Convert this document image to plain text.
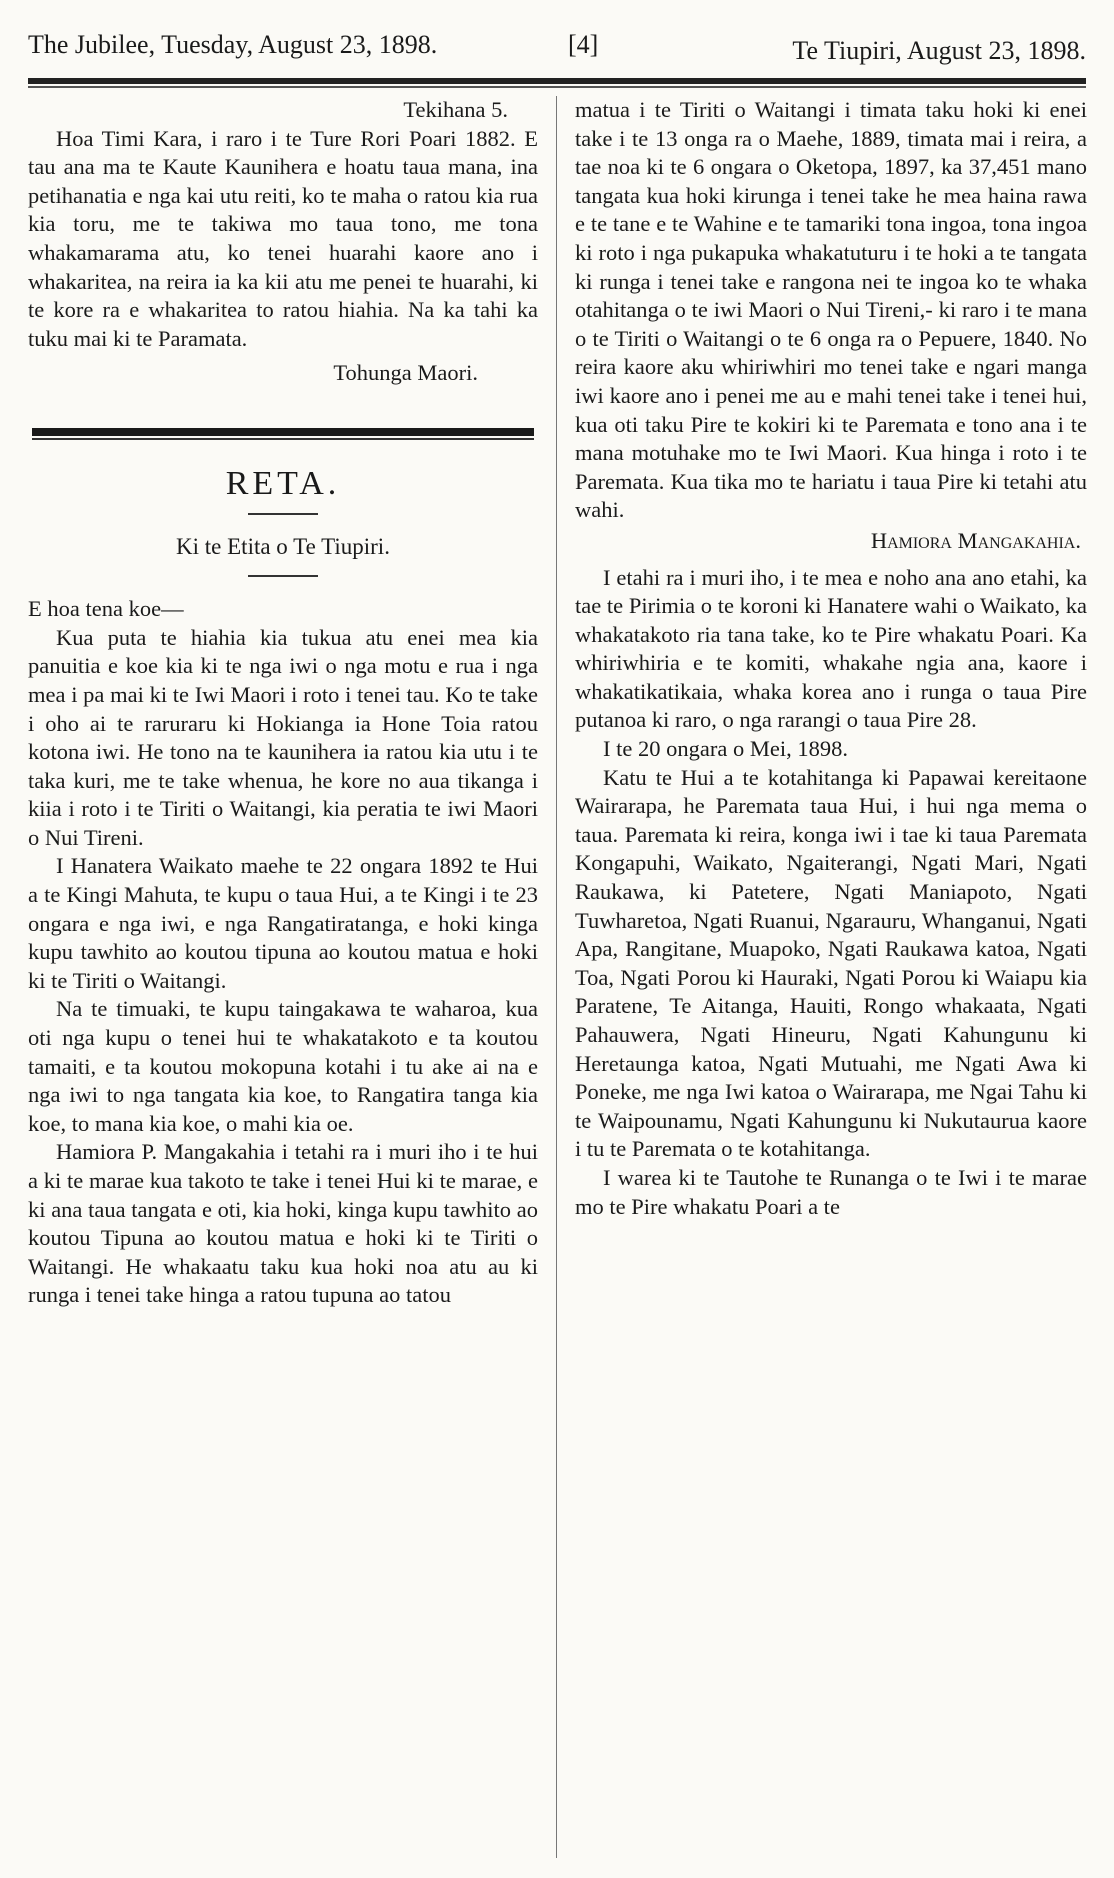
The Jubilee, Tuesday, August 23, 1898.	[4]	Te Tiupiri, August 23, 1898.

Tekihana 5.

Hoa Timi Kara, i raro i te Ture Rori Poari 1882. E tau ana ma te Kaute Kaunihera e hoatu taua mana, ina petihanatia e nga kai utu reiti, ko te maha o ratou kia rua kia toru, me te takiwa mo taua tono, me tona whakamarama atu, ko tenei huarahi kaore ano i whakaritea, na reira ia ka kii atu me penei te huarahi, ki te kore ra e whakaritea to ratou hiahia. Na ka tahi ka tuku mai ki te Paramata.

Tohunga Maori.

RETA.
Ki te Etita o Te Tiupiri.

E hoa tena koe—

Kua puta te hiahia kia tukua atu enei mea kia panuitia e koe kia ki te nga iwi o nga motu e rua i nga mea i pa mai ki te Iwi Maori i roto i tenei tau. Ko te take i oho ai te raruraru ki Hokianga ia Hone Toia ratou kotona iwi. He tono na te kaunihera ia ratou kia utu i te taka kuri, me te take whenua, he kore no aua tikanga i kiia i roto i te Tiriti o Waitangi, kia peratia te iwi Maori o Nui Tireni.

I Hanatera Waikato maehe te 22 ongara 1892 te Hui a te Kingi Mahuta, te kupu o taua Hui, a te Kingi i te 23 ongara e nga iwi, e nga Rangatiratanga, e hoki kinga kupu tawhito ao koutou tipuna ao koutou matua e hoki ki te Tiriti o Waitangi.

Na te timuaki, te kupu taingakawa te waharoa, kua oti nga kupu o tenei hui te whakatakoto e ta koutou tamaiti, e ta koutou mokopuna kotahi i tu ake ai na e nga iwi to nga tangata kia koe, to Rangatira tanga kia koe, to mana kia koe, o mahi kia oe.

Hamiora P. Mangakahia i tetahi ra i muri iho i te hui a ki te marae kua takoto te take i tenei Hui ki te marae, e ki ana taua tangata e oti, kia hoki, kinga kupu tawhito ao koutou Tipuna ao koutou matua e hoki ki te Tiriti o Waitangi. He whakaatu taku kua hoki noa atu au ki runga i tenei take hinga a ratou tupuna ao tatou

matua i te Tiriti o Waitangi i timata taku hoki ki enei take i te 13 onga ra o Maehe, 1889, timata mai i reira, a tae noa ki te 6 ongara o Oketopa, 1897, ka 37,451 mano tangata kua hoki kirunga i tenei take he mea haina rawa e te tane e te Wahine e te tamariki tona ingoa, tona ingoa ki roto i nga pukapuka whakatuturu i te hoki a te tangata ki runga i tenei take e rangona nei te ingoa ko te whaka otahitanga o te iwi Maori o Nui Tireni,- ki raro i te mana o te Tiriti o Waitangi o te 6 onga ra o Pepuere, 1840. No reira kaore aku whiriwhiri mo tenei take e ngari manga iwi kaore ano i penei me au e mahi tenei take i tenei hui, kua oti taku Pire te kokiri ki te Paremata e tono ana i te mana motuhake mo te Iwi Maori. Kua hinga i roto i te Paremata. Kua tika mo te hariatu i taua Pire ki tetahi atu wahi.

Hamiora Mangakahia.

I etahi ra i muri iho, i te mea e noho ana ano etahi, ka tae te Pirimia o te koroni ki Hanatere wahi o Waikato, ka whakatakoto ria tana take, ko te Pire whakatu Poari. Ka whiriwhiria e te komiti, whakahe ngia ana, kaore i whakatikatikaia, whaka korea ano i runga o taua Pire putanoa ki raro, o nga rarangi o taua Pire 28.

I te 20 ongara o Mei, 1898.

Katu te Hui a te kotahitanga ki Papawai kereitaone Wairarapa, he Paremata taua Hui, i hui nga mema o taua. Paremata ki reira, konga iwi i tae ki taua Paremata Kongapuhi, Waikato, Ngaiterangi, Ngati Mari, Ngati Raukawa, ki Patetere, Ngati Maniapoto, Ngati Tuwharetoa, Ngati Ruanui, Ngarauru, Whanganui, Ngati Apa, Rangitane, Muapoko, Ngati Raukawa katoa, Ngati Toa, Ngati Porou ki Hauraki, Ngati Porou ki Waiapu kia Paratene, Te Aitanga, Hauiti, Rongo whakaata, Ngati Pahauwera, Ngati Hineuru, Ngati Kahungunu ki Heretaunga katoa, Ngati Mutuahi, me Ngati Awa ki Poneke, me nga Iwi katoa o Wairarapa, me Ngai Tahu ki te Waipounamu, Ngati Kahungunu ki Nukutaurua kaore i tu te Paremata o te kotahitanga.

I warea ki te Tautohe te Runanga o te Iwi i te marae mo te Pire whakatu Poari a te
